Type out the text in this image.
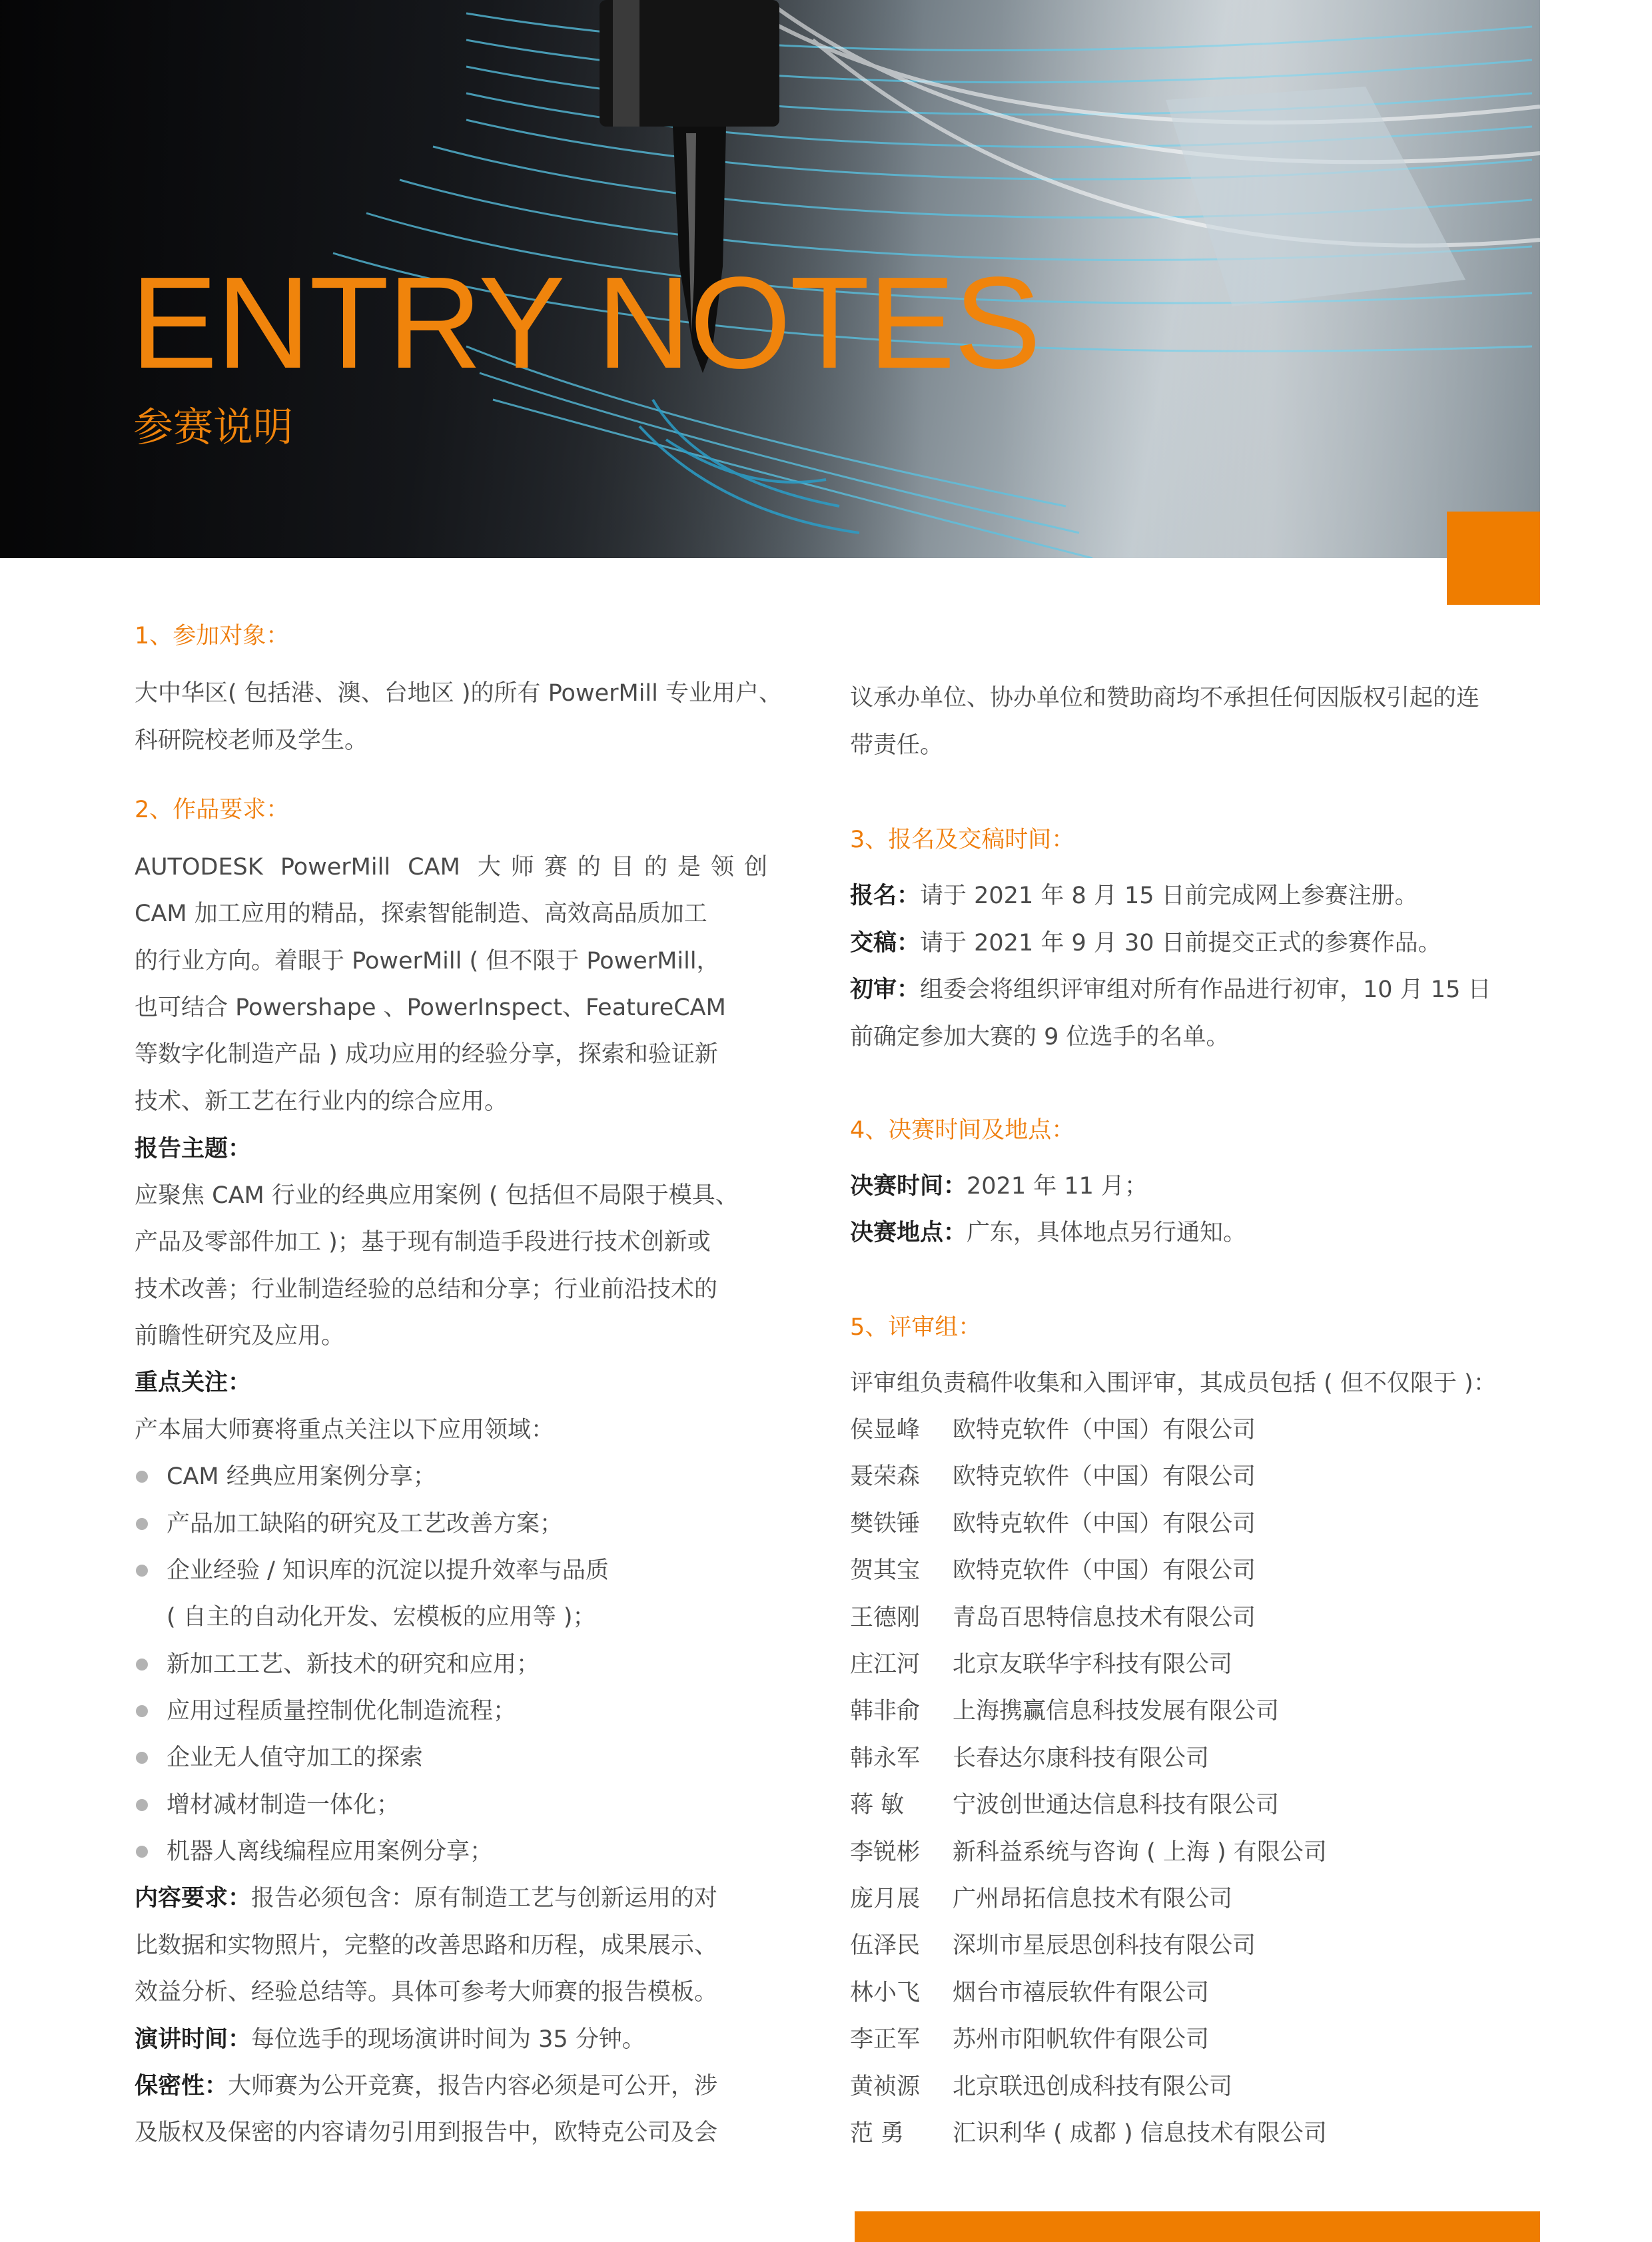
ENTRY NOTES
参赛说明
1、参加对象：

大中华区( 包括港、澳、台地区 )的所有 PowerMill 专业用户、

科研院校老师及学生。

2、作品要求：

AUTODESK PowerMill CAM 大师赛的目的是领创

CAM 加工应用的精品，探索智能制造、高效高品质加工

的行业方向。着眼于 PowerMill ( 但不限于 PowerMill，

也可结合 Powershape 、PowerInspect、FeatureCAM

等数字化制造产品 ) 成功应用的经验分享，探索和验证新

技术、新工艺在行业内的综合应用。

报告主题：

应聚焦 CAM 行业的经典应用案例 ( 包括但不局限于模具、

产品及零部件加工 )；基于现有制造手段进行技术创新或

技术改善；行业制造经验的总结和分享；行业前沿技术的

前瞻性研究及应用。

重点关注：

产本届大师赛将重点关注以下应用领域：

CAM 经典应用案例分享；

产品加工缺陷的研究及工艺改善方案；

企业经验 / 知识库的沉淀以提升效率与品质

( 自主的自动化开发、宏模板的应用等 )；

新加工工艺、新技术的研究和应用；

应用过程质量控制优化制造流程；

企业无人值守加工的探索

增材减材制造一体化；

机器人离线编程应用案例分享；

内容要求：报告必须包含：原有制造工艺与创新运用的对

比数据和实物照片，完整的改善思路和历程，成果展示、

效益分析、经验总结等。具体可参考大师赛的报告模板。

演讲时间：每位选手的现场演讲时间为 35 分钟。

保密性：大师赛为公开竞赛，报告内容必须是可公开，涉

及版权及保密的内容请勿引用到报告中，欧特克公司及会

议承办单位、协办单位和赞助商均不承担任何因版权引起的连

带责任。

3、报名及交稿时间：

报名：请于 2021 年 8 月 15 日前完成网上参赛注册。

交稿：请于 2021 年 9 月 30 日前提交正式的参赛作品。

初审：组委会将组织评审组对所有作品进行初审，10 月 15 日

前确定参加大赛的 9 位选手的名单。

4、决赛时间及地点：

决赛时间：2021 年 11 月；

决赛地点：广东，具体地点另行通知。

5、评审组：

评审组负责稿件收集和入围评审，其成员包括 ( 但不仅限于 )：

侯显峰 欧特克软件（中国）有限公司

聂荣森 欧特克软件（中国）有限公司

樊铁锤 欧特克软件（中国）有限公司

贺其宝 欧特克软件（中国）有限公司

王德刚 青岛百思特信息技术有限公司

庄江河 北京友联华宇科技有限公司

韩非俞 上海携赢信息科技发展有限公司

韩永军 长春达尔康科技有限公司

蒋 敏 宁波创世通达信息科技有限公司

李锐彬 新科益系统与咨询 ( 上海 ) 有限公司

庞月展 广州昂拓信息技术有限公司

伍泽民 深圳市星辰思创科技有限公司

林小飞 烟台市禧辰软件有限公司

李正军 苏州市阳帆软件有限公司

黄祯源 北京联迅创成科技有限公司

范 勇 汇识利华 ( 成都 ) 信息技术有限公司
